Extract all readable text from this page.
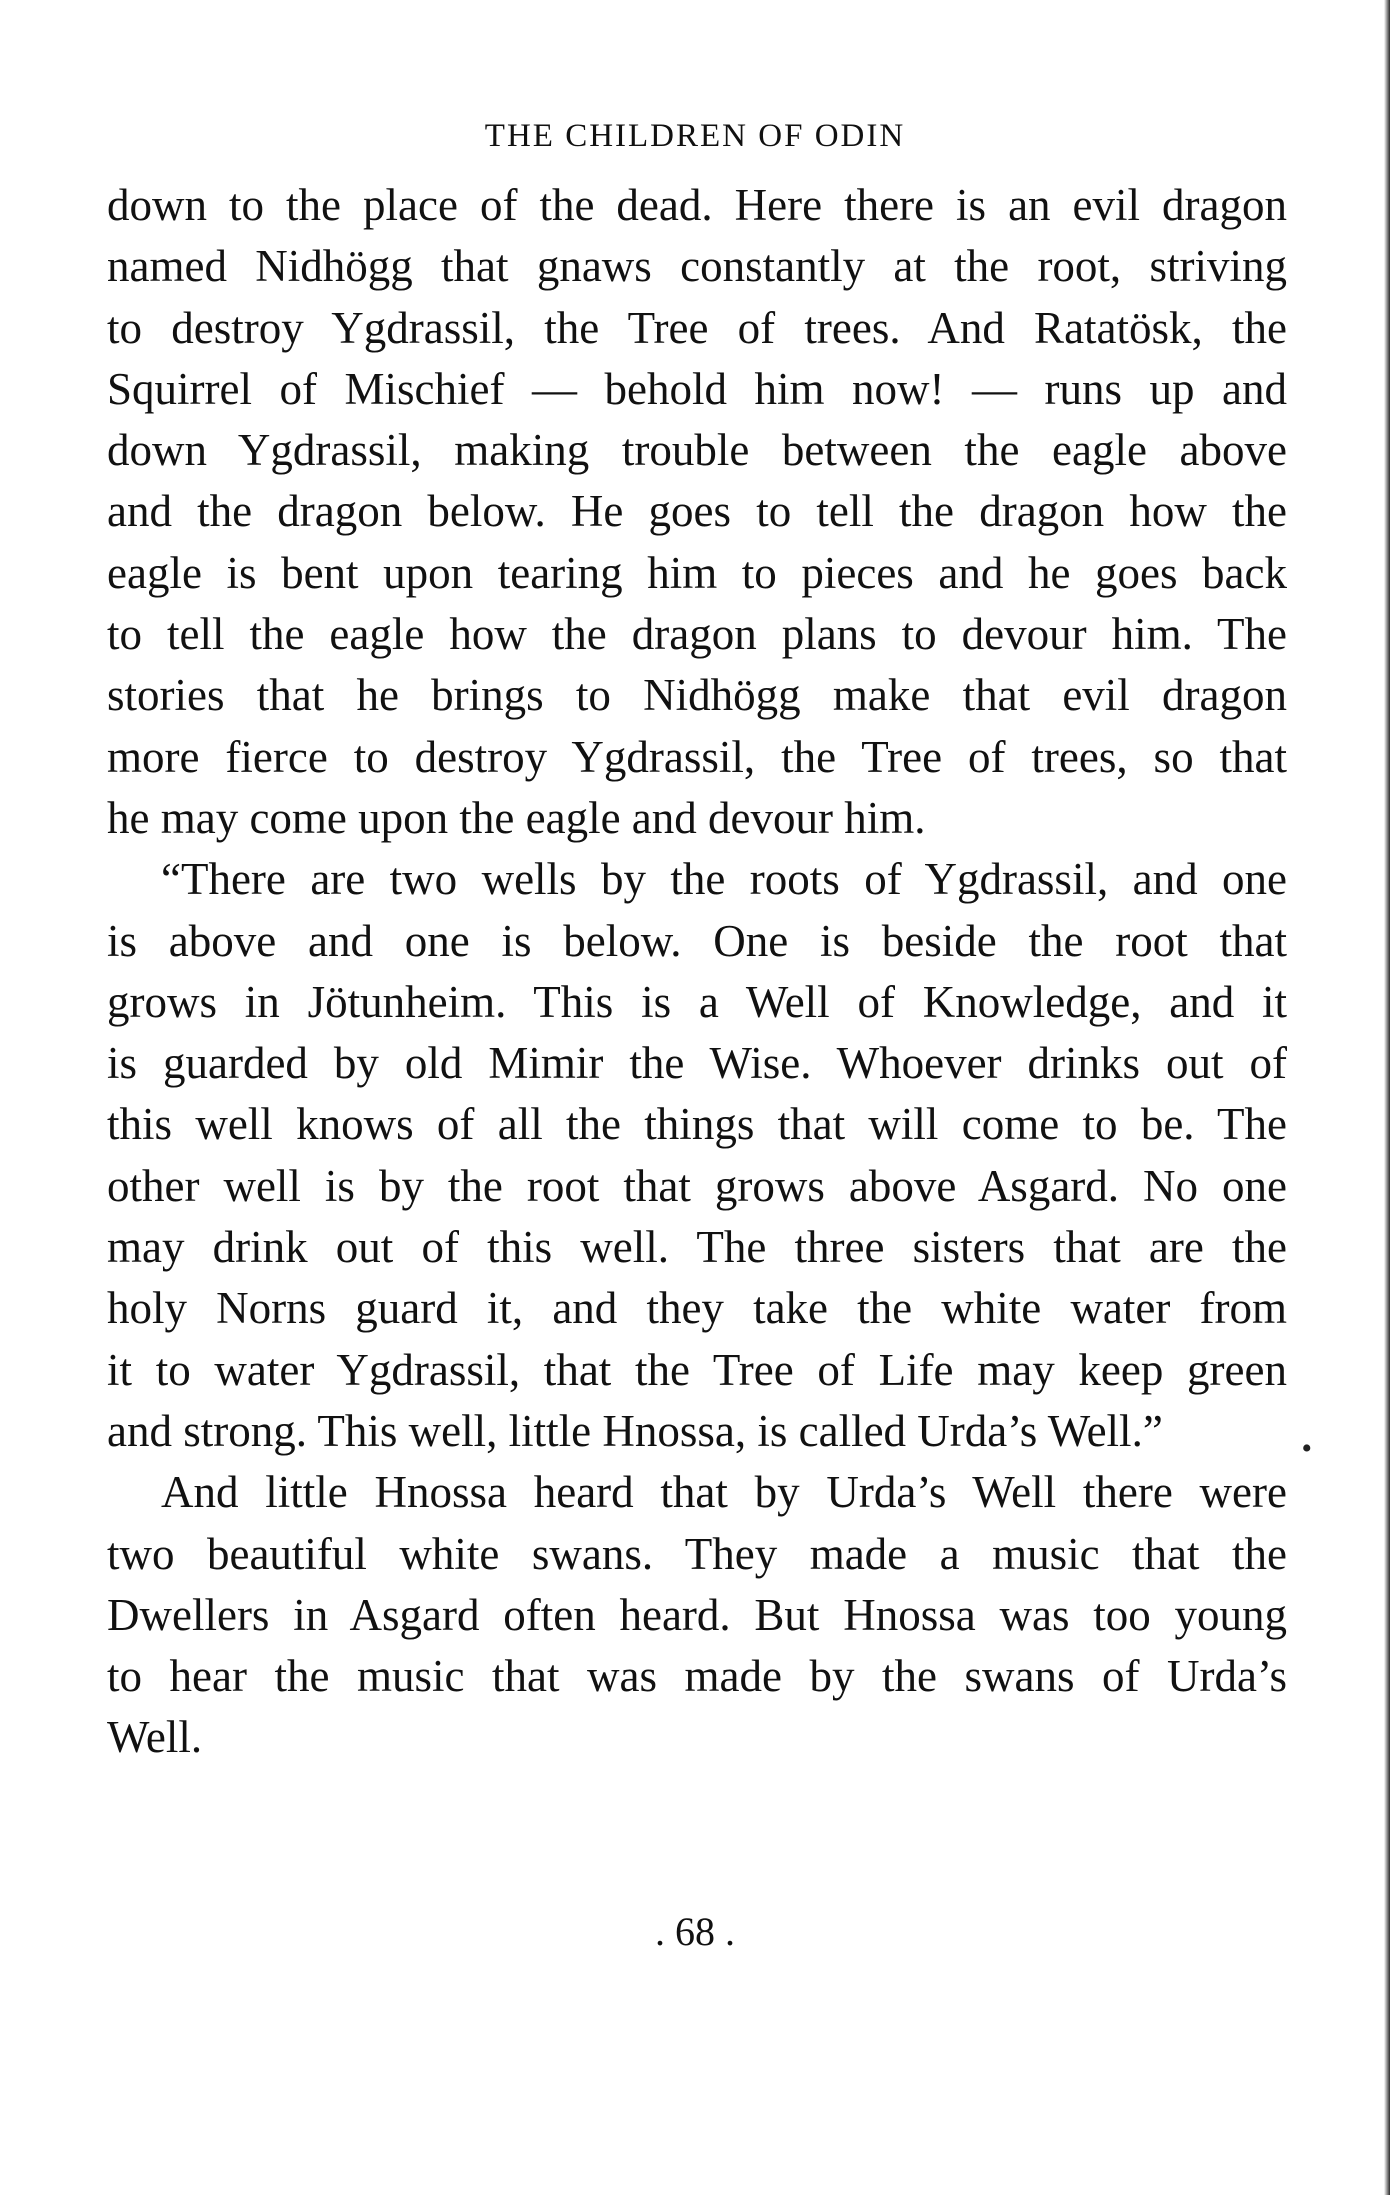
THE CHILDREN OF ODIN

down to the place of the dead. Here there is an evil dragon

named Nidhögg that gnaws constantly at the root, striving

to destroy Ygdrassil, the Tree of trees. And Ratatösk, the

Squirrel of Mischief — behold him now! — runs up and

down Ygdrassil, making trouble between the eagle above

and the dragon below. He goes to tell the dragon how the

eagle is bent upon tearing him to pieces and he goes back

to tell the eagle how the dragon plans to devour him. The

stories that he brings to Nidhögg make that evil dragon

more fierce to destroy Ygdrassil, the Tree of trees, so that

he may come upon the eagle and devour him.

“There are two wells by the roots of Ygdrassil, and one

is above and one is below. One is beside the root that

grows in Jötunheim. This is a Well of Knowledge, and it

is guarded by old Mimir the Wise. Whoever drinks out of

this well knows of all the things that will come to be. The

other well is by the root that grows above Asgard. No one

may drink out of this well. The three sisters that are the

holy Norns guard it, and they take the white water from

it to water Ygdrassil, that the Tree of Life may keep green

and strong. This well, little Hnossa, is called Urda’s Well.”

And little Hnossa heard that by Urda’s Well there were

two beautiful white swans. They made a music that the

Dwellers in Asgard often heard. But Hnossa was too young

to hear the music that was made by the swans of Urda’s

Well.

. 68 .
•
